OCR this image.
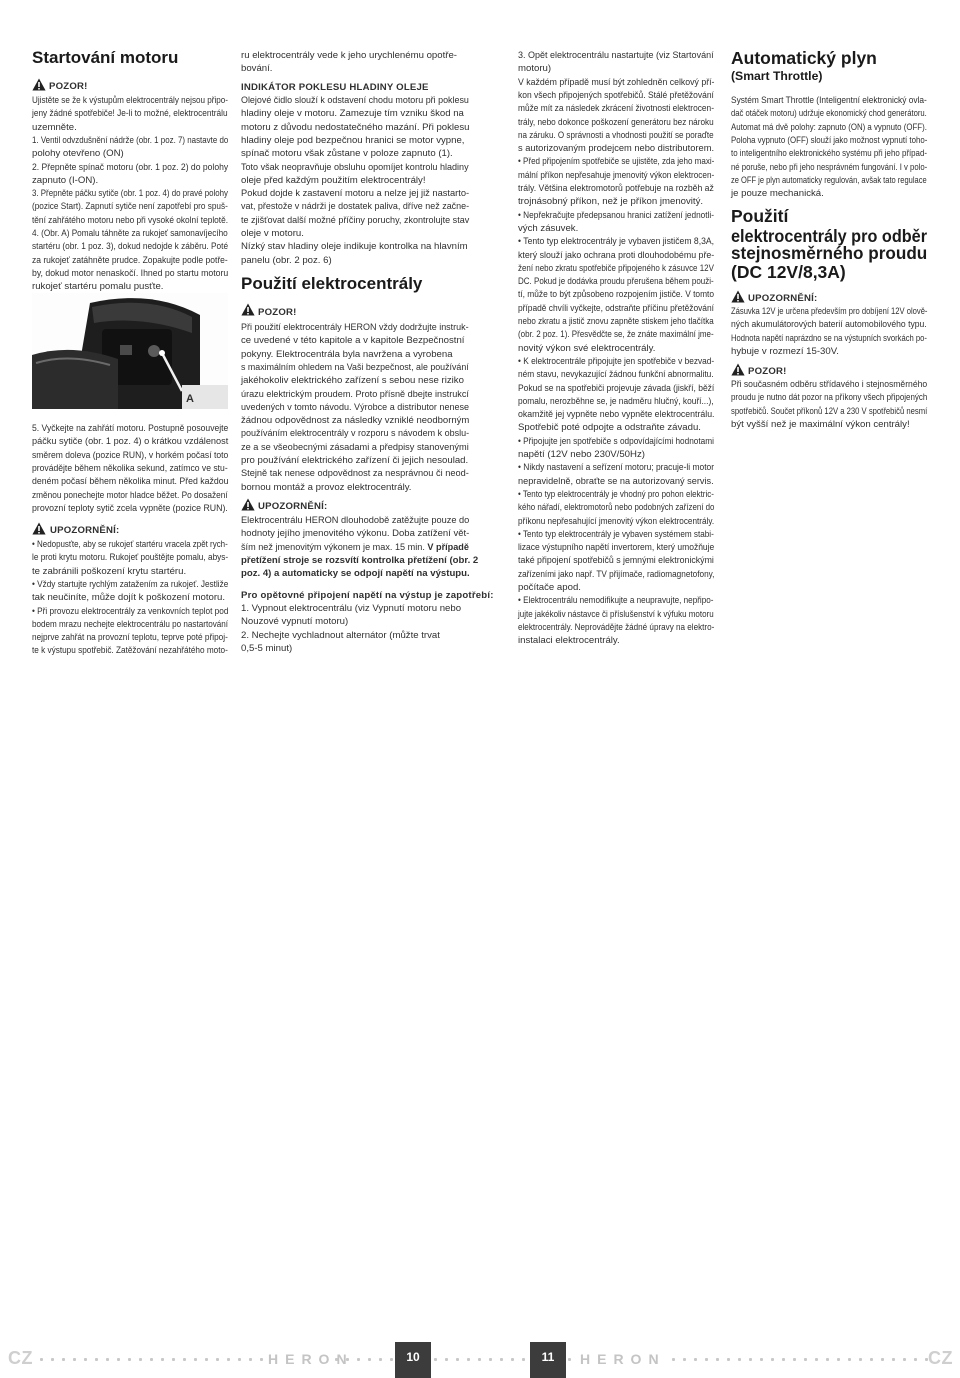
Startování motoru
POZOR!
Ujistěte se že k výstupům elektrocentrály nejsou připo-
jeny žádné spotřebiče! Je-li to možné, elektrocentrálu
uzemněte.
1. Ventil odvzdušnění nádrže (obr. 1 poz. 7) nastavte do
polohy otevřeno (ON)
2. Přepněte spínač motoru (obr. 1 poz. 2) do polohy
zapnuto (I-ON).
3. Přepněte páčku sytiče (obr. 1 poz. 4) do pravé polohy
(pozice Start). Zapnutí sytiče není zapotřebí pro spuš-
tění zahřátého motoru nebo při vysoké okolní teplotě.
4. (Obr. A) Pomalu táhněte za rukojeť samonavíjecího
startéru (obr. 1 poz. 3), dokud nedojde k záběru. Poté
za rukojeť zatáhněte prudce. Zopakujte podle potře-
by, dokud motor nenaskočí. Ihned po startu motoru
rukojeť startéru pomalu pusťte.
A
5. Vyčkejte na zahřátí motoru. Postupně posouvejte
páčku sytiče (obr. 1 poz. 4) o krátkou vzdálenost
směrem doleva (pozice RUN), v horkém počasí toto
provádějte během několika sekund, zatímco ve stu-
deném počasí během několika minut. Před každou
změnou ponechejte motor hladce běžet. Po dosažení
provozní teploty sytič zcela vypněte (pozice RUN).
UPOZORNĚNÍ:
• Nedopusťte, aby se rukojeť startéru vracela zpět rych-
le proti krytu motoru. Rukojeť pouštějte pomalu, abys-
te zabránili poškození krytu startéru.
• Vždy startujte rychlým zatažením za rukojeť. Jestliže
tak neučiníte, může dojít k poškození motoru.
• Při provozu elektrocentrály za venkovních teplot pod
bodem mrazu nechejte elektrocentrálu po nastartování
nejprve zahřát na provozní teplotu, teprve poté připoj-
te k výstupu spotřebič. Zatěžování nezahřátého moto-
ru elektrocentrály vede k jeho urychlenému opotře-
bování.
INDIKÁTOR POKLESU HLADINY OLEJE
Olejové čidlo slouží k odstavení chodu motoru při poklesu
hladiny oleje v motoru. Zamezuje tím vzniku škod na
motoru z důvodu nedostatečného mazání. Při poklesu
hladiny oleje pod bezpečnou hranici se motor vypne,
spínač motoru však zůstane v poloze zapnuto (1).
Toto však neopravňuje obsluhu opomíjet kontrolu hladiny
oleje před každým použitím elektrocentrály!
Pokud dojde k zastavení motoru a nelze jej již nastarto-
vat, přestože v nádrži je dostatek paliva, dříve než začne-
te zjišťovat další možné příčiny poruchy, zkontrolujte stav
oleje v motoru.
Nízký stav hladiny oleje indikuje kontrolka na hlavním
panelu (obr. 2 poz. 6)
Použití elektrocentrály
POZOR!
Při použití elektrocentrály HERON vždy dodržujte instruk-
ce uvedené v této kapitole a v kapitole Bezpečnostní
pokyny. Elektrocentrála byla navržena a vyrobena
s maximálním ohledem na Vaši bezpečnost, ale používání
jakéhokoliv elektrického zařízení s sebou nese riziko
úrazu elektrickým proudem. Proto přísně dbejte instrukcí
uvedených v tomto návodu. Výrobce a distributor nenese
žádnou odpovědnost za následky vzniklé neodborným
používáním elektrocentrály v rozporu s návodem k obslu-
ze a se všeobecnými zásadami a předpisy stanovenými
pro používání elektrického zařízení či jejich nesoulad.
Stejně tak nenese odpovědnost za nesprávnou či neod-
bornou montáž a provoz elektrocentrály.
UPOZORNĚNÍ:
Elektrocentrálu HERON dlouhodobě zatěžujte pouze do
hodnoty jejího jmenovitého výkonu. Doba zatížení vět-
ším než jmenovitým výkonem je max. 15 min. V případě
přetížení stroje se rozsvítí kontrolka přetížení (obr. 2
poz. 4) a automaticky se odpojí napětí na výstupu.
Pro opětovné připojení napětí na výstup je zapotřebí:
1. Vypnout elektrocentrálu (viz Vypnutí motoru nebo
Nouzové vypnutí motoru)
2. Nechejte vychladnout alternátor (můžte trvat
0,5-5 minut)
3. Opět elektrocentrálu nastartujte (viz Startování
motoru)
V každém případě musí být zohledněn celkový pří-
kon všech připojených spotřebičů. Stálé přetěžování
může mít za následek zkrácení životnosti elektrocen-
trály, nebo dokonce poškození generátoru bez nároku
na záruku. O správnosti a vhodnosti použití se poraďte
s autorizovaným prodejcem nebo distributorem.
• Před připojením spotřebiče se ujistěte, zda jeho maxi-
mální příkon nepřesahuje jmenovitý výkon elektrocen-
trály. Většina elektromotorů potřebuje na rozběh až
trojnásobný příkon, než je příkon jmenovitý.
• Nepřekračujte předepsanou hranici zatížení jednotli-
vých zásuvek.
• Tento typ elektrocentrály je vybaven jističem 8,3A,
který slouží jako ochrana proti dlouhodobému pře-
žení nebo zkratu spotřebiče připojeného k zásuvce 12V
DC. Pokud je dodávka proudu přerušena během použi-
tí, může to být způsobeno rozpojením jističe. V tomto
případě chvíli vyčkejte, odstraňte příčinu přetěžování
nebo zkratu a jistič znovu zapněte stiskem jeho tlačítka
(obr. 2 poz. 1). Přesvědčte se, že znáte maximální jme-
novitý výkon své elektrocentrály.
• K elektrocentrále připojujte jen spotřebiče v bezvad-
ném stavu, nevykazující žádnou funkční abnormalitu.
Pokud se na spotřebiči projevuje závada (jiskří, běží
pomalu, nerozběhne se, je nadměru hlučný, kouří...),
okamžitě jej vypněte nebo vypněte elektrocentrálu.
Spotřebič poté odpojte a odstraňte závadu.
• Připojujte jen spotřebiče s odpovídajícími hodnotami
napětí (12V nebo 230V/50Hz)
• Nikdy nastavení a seřízení motoru; pracuje-li motor
nepravidelně, obraťte se na autorizovaný servis.
• Tento typ elektrocentrály je vhodný pro pohon elektric-
kého nářadí, elektromotorů nebo podobných zařízení do
příkonu nepřesahující jmenovitý výkon elektrocentrály.
• Tento typ elektrocentrály je vybaven systémem stabi-
lizace výstupního napětí invertorem, který umožňuje
také připojení spotřebičů s jemnými elektronickými
zařízeními jako např. TV přijímače, radiomagnetofony,
počítače apod.
• Elektrocentrálu nemodifikujte a neupravujte, nepřipo-
jujte jakékoliv nástavce či příslušenství k výfuku motoru
elektrocentrály. Neprovádějte žádné úpravy na elektro-
instalaci elektrocentrály.
Automatický plyn
(Smart Throttle)
Systém Smart Throttle (Inteligentní elektronický ovla-
dač otáček motoru) udržuje ekonomický chod generátoru.
Automat má dvě polohy: zapnuto (ON) a vypnuto (OFF).
Poloha vypnuto (OFF) slouží jako možnost vypnutí toho-
to inteligentního elektronického systému při jeho případ-
né poruše, nebo při jeho nesprávném fungování. I v polo-
ze OFF je plyn automaticky regulován, avšak tato regulace
je pouze mechanická.
Použití
elektrocentrály pro odběr
stejnosměrného proudu
(DC 12V/8,3A)
UPOZORNĚNÍ:
Zásuvka 12V je určena především pro dobíjení 12V olově-
ných akumulátorových baterií automobilového typu.
Hodnota napětí naprázdno se na výstupních svorkách po-
hybuje v rozmezí 15-30V.
POZOR!
Při současném odběru střídavého i stejnosměrného
proudu je nutno dát pozor na příkony všech připojených
spotřebičů. Součet příkonů 12V a 230 V spotřebičů nesmí
být vyšší než je maximální výkon centrály!
CZ	CZ
HERON	HERON
10	11
